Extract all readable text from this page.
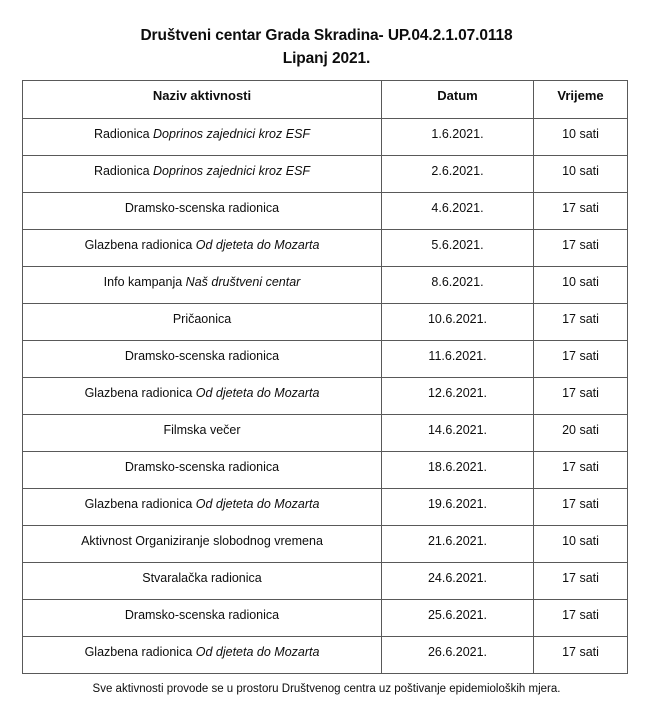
Društveni centar Grada Skradina- UP.04.2.1.07.0118
Lipanj 2021.
Naziv aktivnosti	Datum	Vrijeme
Radionica Doprinos zajednici kroz ESF	1.6.2021.	10 sati
Radionica Doprinos zajednici kroz ESF	2.6.2021.	10 sati
Dramsko-scenska radionica	4.6.2021.	17 sati
Glazbena radionica Od djeteta do Mozarta	5.6.2021.	17 sati
Info kampanja Naš društveni centar	8.6.2021.	10 sati
Pričaonica	10.6.2021.	17 sati
Dramsko-scenska radionica	11.6.2021.	17 sati
Glazbena radionica Od djeteta do Mozarta	12.6.2021.	17 sati
Filmska večer	14.6.2021.	20 sati
Dramsko-scenska radionica	18.6.2021.	17 sati
Glazbena radionica Od djeteta do Mozarta	19.6.2021.	17 sati
Aktivnost Organiziranje slobodnog vremena	21.6.2021.	10 sati
Stvaralačka radionica	24.6.2021.	17 sati
Dramsko-scenska radionica	25.6.2021.	17 sati
Glazbena radionica Od djeteta do Mozarta	26.6.2021.	17 sati
Sve aktivnosti provode se u prostoru Društvenog centra uz poštivanje epidemioloških mjera.
